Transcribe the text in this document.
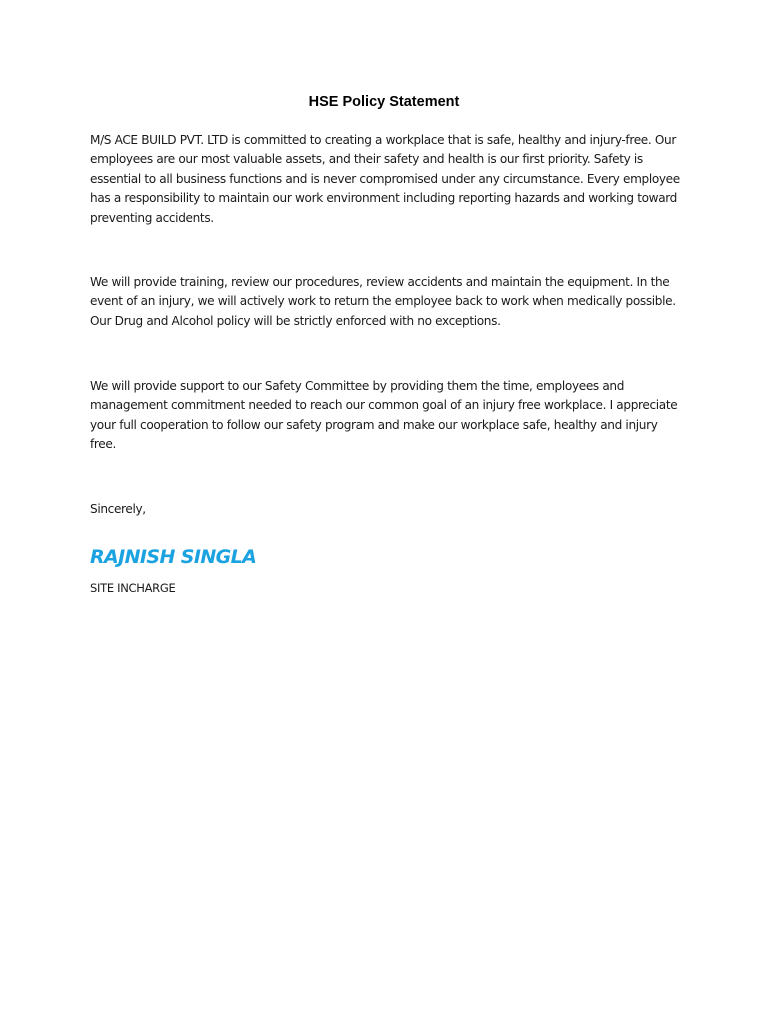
HSE Policy Statement

M/S ACE BUILD PVT. LTD is committed to creating a workplace that is safe, healthy and injury-free. Our employees are our most valuable assets, and their safety and health is our first priority. Safety is essential to all business functions and is never compromised under any circumstance. Every employee has a responsibility to maintain our work environment including reporting hazards and working toward preventing accidents.

We will provide training, review our procedures, review accidents and maintain the equipment. In the event of an injury, we will actively work to return the employee back to work when medically possible. Our Drug and Alcohol policy will be strictly enforced with no exceptions.

We will provide support to our Safety Committee by providing them the time, employees and management commitment needed to reach our common goal of an injury free workplace. I appreciate your full cooperation to follow our safety program and make our workplace safe, healthy and injury free.

Sincerely,

RAJNISH SINGLA

SITE INCHARGE
